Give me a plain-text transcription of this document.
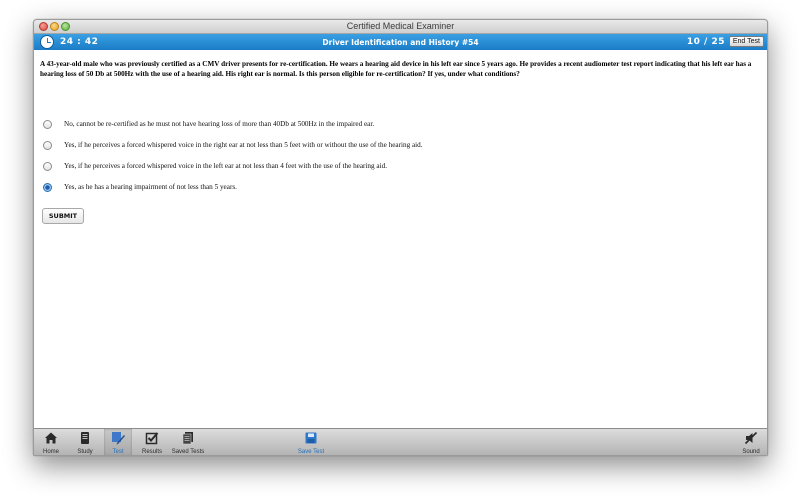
Certified Medical Examiner
24 : 42	Driver Identification and History #54	10 / 25	End Test
A 43-year-old male who was previously certified as a CMV driver presents for re-certification. He wears a hearing aid device in his left ear since 5 years ago. He provides a recent audiometer test report indicating that his left ear has a hearing loss of 50 Db at 500Hz with the use of a hearing aid. His right ear is normal. Is this person eligible for re-certification? If yes, under what conditions?
No, cannot be re-certified as he must not have hearing loss of more than 40Db at 500Hz in the impaired ear.
Yes, if he perceives a forced whispered voice in the right ear at not less than 5 feet with or without the use of the hearing aid.
Yes, if he perceives a forced whispered voice in the left ear at not less than 4 feet with the use of the hearing aid.
Yes, as he has a hearing impairment of not less than 5 years.
SUBMIT
Home	Study	Test	Results	Saved Tests	Save Test	Sound
